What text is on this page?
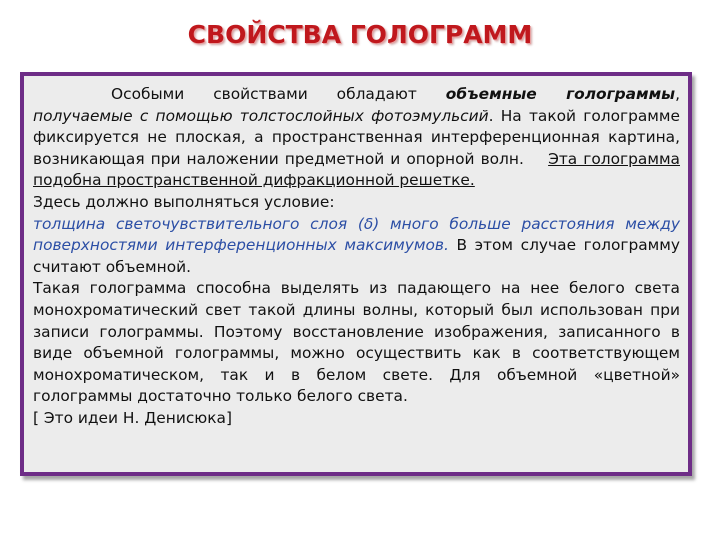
СВОЙСТВА ГОЛОГРАММ

Особыми свойствами обладают объемные голограммы, получаемые с помощью толстослойных фотоэмульсий. На такой голограмме фиксируется не плоская, а пространственная интерференционная картина, возникающая при наложении предметной и опорной волн. Эта голограмма подобна пространственной дифракционной решетке.

Здесь должно выполняться условие:

толщина светочувствительного слоя (δ) много больше расстояния между поверхностями интерференционных максимумов. В этом случае голограмму считают объемной.

Такая голограмма способна выделять из падающего на нее белого света монохроматический свет такой длины волны, который был использован при записи голограммы. Поэтому восстановление изображения, записанного в виде объемной голограммы, можно осуществить как в соответствующем монохроматическом, так и в белом свете. Для объемной «цветной» голограммы достаточно только белого света.

[ Это идеи Н. Денисюка]
